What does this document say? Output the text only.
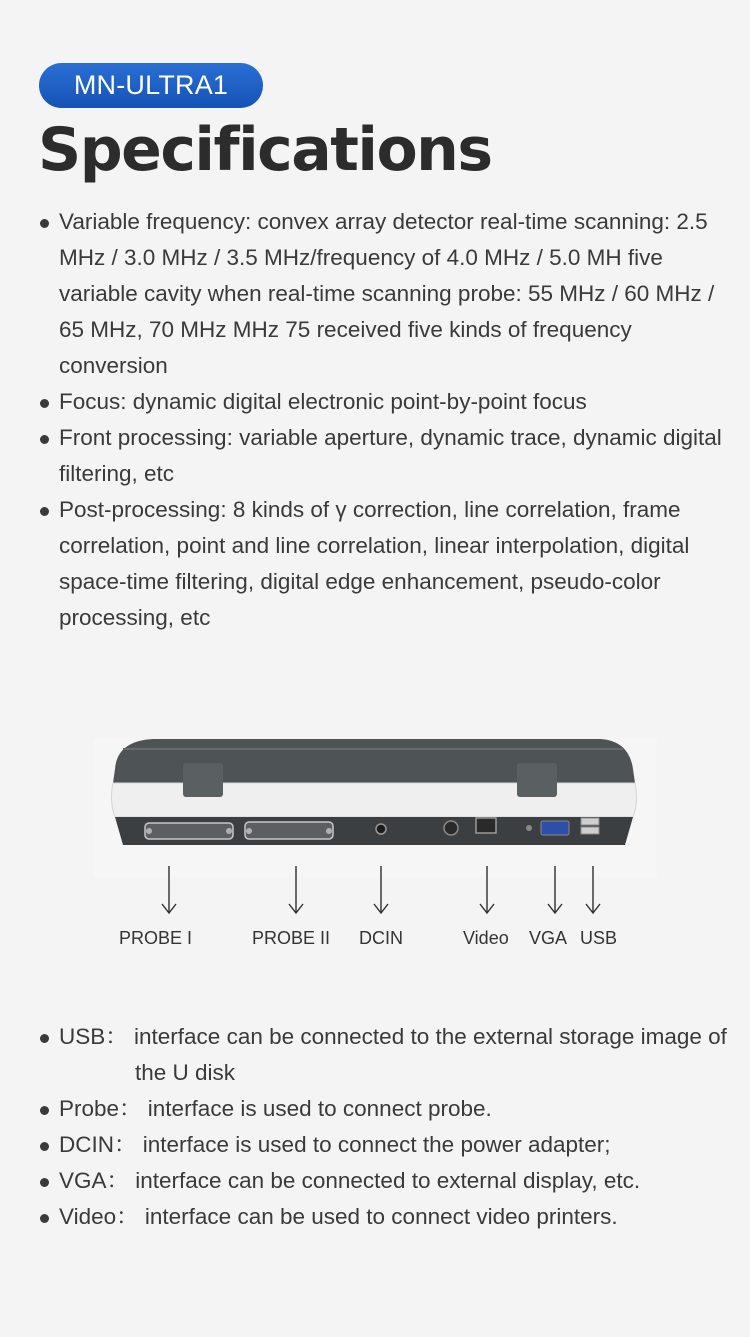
MN-ULTRA1
Specifications
Variable frequency: convex array detector real-time scanning: 2.5 MHz / 3.0 MHz / 3.5 MHz/frequency of 4.0 MHz / 5.0 MH five variable cavity when real-time scanning probe: 55 MHz / 60 MHz / 65 MHz, 70 MHz MHz 75 received five kinds of frequency conversion
Focus: dynamic digital electronic point-by-point focus
Front processing: variable aperture, dynamic trace, dynamic digital filtering, etc
Post-processing: 8 kinds of γ correction, line correlation, frame correlation, point and line correlation, linear interpolation, digital space-time filtering, digital edge enhancement, pseudo-color processing, etc
PROBE I	PROBE II DCIN	Video VGA USB
USB： interface can be connected to the external storage image of the U disk
Probe： interface is used to connect probe.
DCIN： interface is used to connect the power adapter;
VGA： interface can be connected to external display, etc.
Video： interface can be used to connect video printers.
